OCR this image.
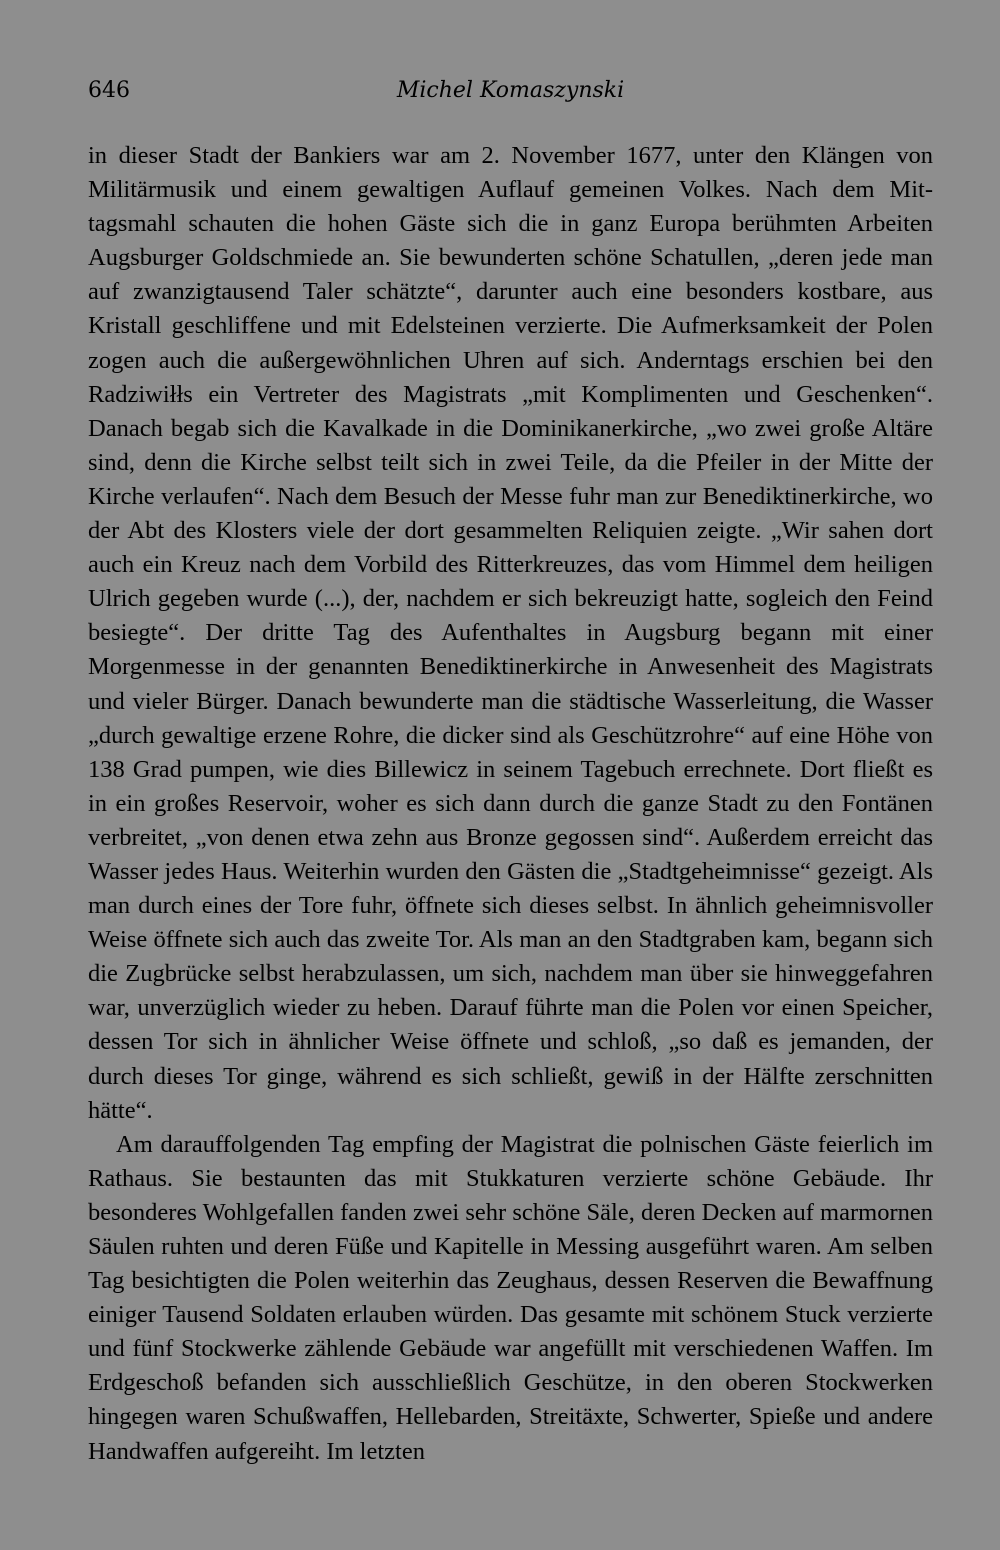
646	Michel Komaszynski

in dieser Stadt der Bankiers war am 2. November 1677, unter den Klängen von Militärmusik und einem gewaltigen Auflauf gemeinen Volkes. Nach dem Mittagsmahl schauten die hohen Gäste sich die in ganz Europa berühmten Arbeiten Augsburger Goldschmiede an. Sie bewunderten schöne Schatullen, „deren jede man auf zwanzigtausend Taler schätzte“, darunter auch eine besonders kostbare, aus Kristall geschliffene und mit Edelsteinen verzierte. Die Aufmerksamkeit der Polen zogen auch die außergewöhnlichen Uhren auf sich. Anderntags erschien bei den Radziwiłłs ein Vertreter des Magistrats „mit Komplimenten und Geschenken“. Danach begab sich die Kavalkade in die Dominikanerkirche, „wo zwei große Altäre sind, denn die Kirche selbst teilt sich in zwei Teile, da die Pfeiler in der Mitte der Kirche verlaufen“. Nach dem Besuch der Messe fuhr man zur Benediktinerkirche, wo der Abt des Klosters viele der dort gesammelten Reliquien zeigte. „Wir sahen dort auch ein Kreuz nach dem Vorbild des Ritterkreuzes, das vom Himmel dem heiligen Ulrich gegeben wurde (...), der, nachdem er sich bekreuzigt hatte, sogleich den Feind besiegte“. Der dritte Tag des Aufenthaltes in Augsburg begann mit einer Morgenmesse in der genannten Benediktinerkirche in Anwesenheit des Magistrats und vieler Bürger. Danach bewunderte man die städtische Wasserleitung, die Wasser „durch gewaltige erzene Rohre, die dicker sind als Geschützrohre“ auf eine Höhe von 138 Grad pumpen, wie dies Billewicz in seinem Tagebuch errechnete. Dort fließt es in ein großes Reservoir, woher es sich dann durch die ganze Stadt zu den Fontänen verbreitet, „von denen etwa zehn aus Bronze gegossen sind“. Außerdem erreicht das Wasser jedes Haus. Weiterhin wurden den Gästen die „Stadtgeheimnisse“ gezeigt. Als man durch eines der Tore fuhr, öffnete sich dieses selbst. In ähnlich geheimnisvoller Weise öffnete sich auch das zweite Tor. Als man an den Stadtgraben kam, begann sich die Zugbrücke selbst herabzulassen, um sich, nachdem man über sie hinweggefahren war, unverzüglich wieder zu heben. Darauf führte man die Polen vor einen Speicher, dessen Tor sich in ähnlicher Weise öffnete und schloß, „so daß es jemanden, der durch dieses Tor ginge, während es sich schließt, gewiß in der Hälfte zerschnitten hätte“.

Am darauffolgenden Tag empfing der Magistrat die polnischen Gäste feierlich im Rathaus. Sie bestaunten das mit Stukkaturen verzierte schöne Gebäude. Ihr besonderes Wohlgefallen fanden zwei sehr schöne Säle, deren Decken auf marmornen Säulen ruhten und deren Füße und Kapitelle in Messing ausgeführt waren. Am selben Tag besichtigten die Polen weiterhin das Zeughaus, dessen Reserven die Bewaffnung einiger Tausend Soldaten erlauben würden. Das gesamte mit schönem Stuck verzierte und fünf Stockwerke zählende Gebäude war angefüllt mit verschiedenen Waffen. Im Erdgeschoß befanden sich ausschließlich Geschütze, in den oberen Stockwerken hingegen waren Schußwaffen, Hellebarden, Streitäxte, Schwerter, Spieße und andere Handwaffen aufgereiht. Im letzten
